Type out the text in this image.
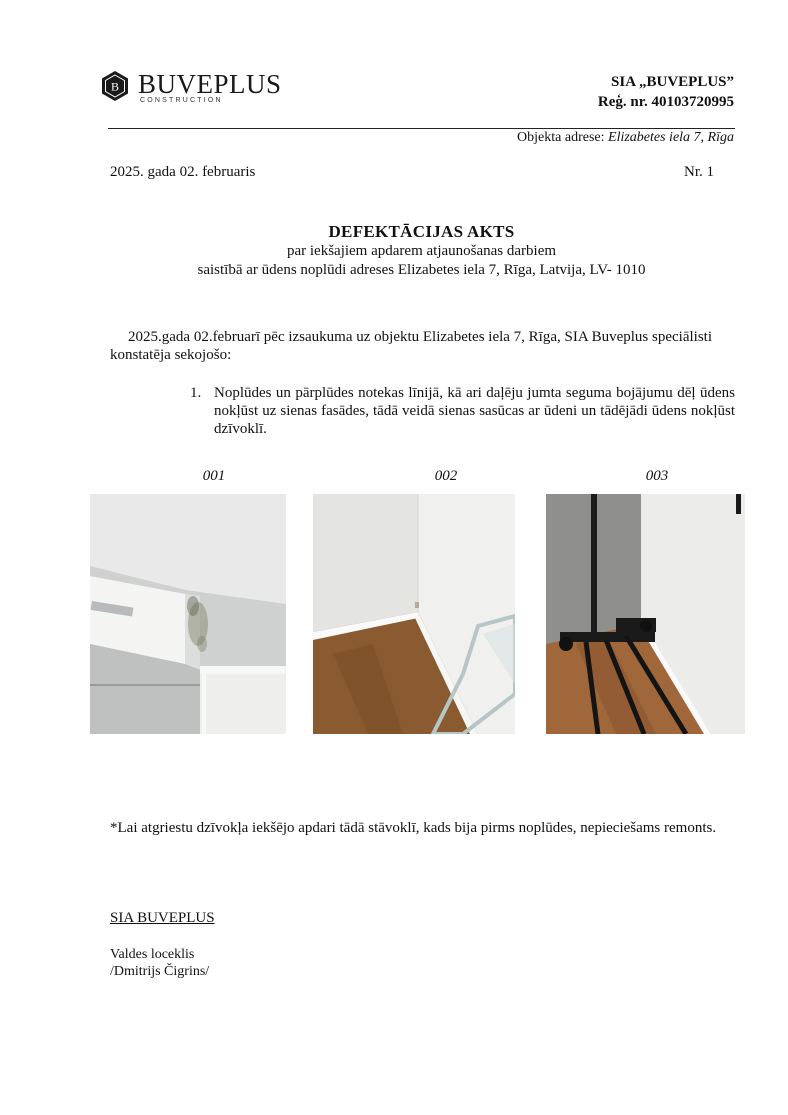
B BUVEPLUS
CONSTRUCTION
SIA „BUVEPLUS”
Reģ. nr. 40103720995
Objekta adrese: Elizabetes iela 7, Rīga
2025. gada 02. februaris	Nr. 1
DEFEKTĀCIJAS AKTS
par iekšajiem apdarem atjaunošanas darbiem
saistībā ar ūdens noplūdi adreses Elizabetes iela 7, Rīga, Latvija, LV- 1010
2025.gada 02.februarī pēc izsaukuma uz objektu Elizabetes iela 7, Rīga, SIA Buveplus speciālisti konstatēja sekojošo:
1. Noplūdes un pārplūdes notekas līnijā, kā ari daļēju jumta seguma bojājumu dēļ ūdens nokļūst uz sienas fasādes, tādā veidā sienas sasūcas ar ūdeni un tādējādi ūdens nokļūst dzīvoklī.
001	002	003
*Lai atgriestu dzīvokļa iekšējo apdari tādā stāvoklī, kads bija pirms noplūdes, nepieciešams remonts.
SIA BUVEPLUS
Valdes loceklis
/Dmitrijs Čigrins/
